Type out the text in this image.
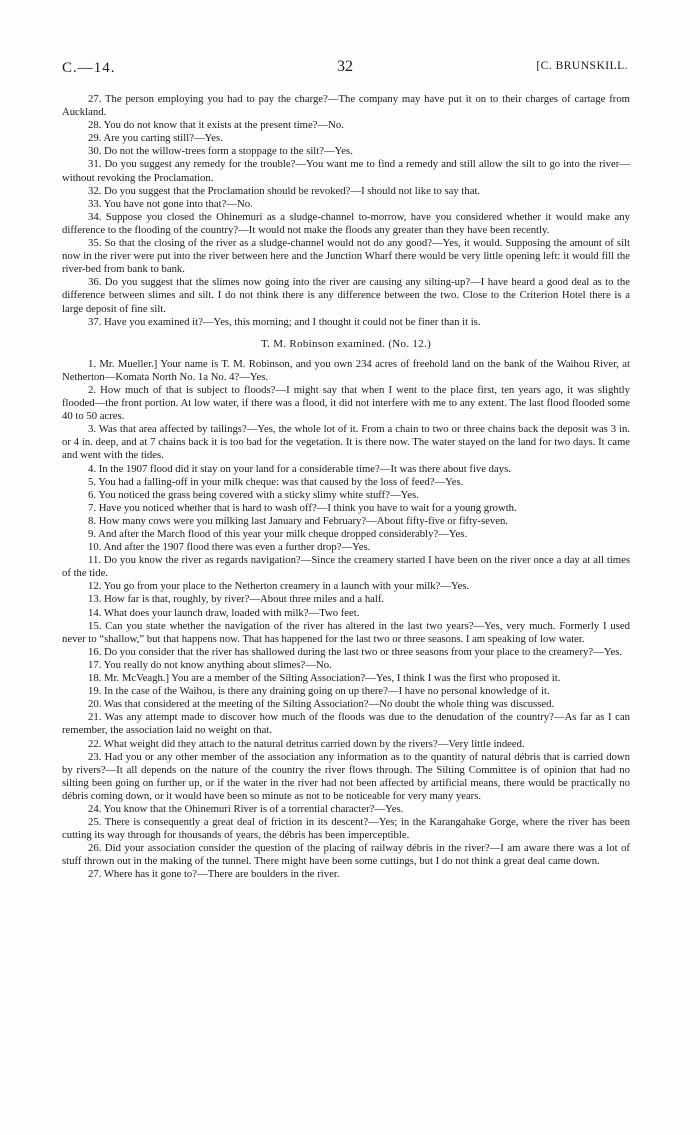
C.—14.	32	[C. BRUNSKILL.

27. The person employing you had to pay the charge?—The company may have put it on to their charges of cartage from Auckland.

28. You do not know that it exists at the present time?—No.

29. Are you carting still?—Yes.

30. Do not the willow-trees form a stoppage to the silt?—Yes.

31. Do you suggest any remedy for the trouble?—You want me to find a remedy and still allow the silt to go into the river—without revoking the Proclamation.

32. Do you suggest that the Proclamation should be revoked?—I should not like to say that.

33. You have not gone into that?—No.

34. Suppose you closed the Ohinemuri as a sludge-channel to-morrow, have you considered whether it would make any difference to the flooding of the country?—It would not make the floods any greater than they have been recently.

35. So that the closing of the river as a sludge-channel would not do any good?—Yes, it would. Supposing the amount of silt now in the river were put into the river between here and the Junction Wharf there would be very little opening left: it would fill the river-bed from bank to bank.

36. Do you suggest that the slimes now going into the river are causing any silting-up?—I have heard a good deal as to the difference between slimes and silt. I do not think there is any difference between the two. Close to the Criterion Hotel there is a large deposit of fine silt.

37. Have you examined it?—Yes, this morning; and I thought it could not be finer than it is.

T. M. Robinson examined. (No. 12.)

1. Mr. Mueller.] Your name is T. M. Robinson, and you own 234 acres of freehold land on the bank of the Waihou River, at Netherton—Komata North No. 1a No. 4?—Yes.

2. How much of that is subject to floods?—I might say that when I went to the place first, ten years ago, it was slightly flooded—the front portion. At low water, if there was a flood, it did not interfere with me to any extent. The last flood flooded some 40 to 50 acres.

3. Was that area affected by tailings?—Yes, the whole lot of it. From a chain to two or three chains back the deposit was 3 in. or 4 in. deep, and at 7 chains back it is too bad for the vegetation. It is there now. The water stayed on the land for two days. It came and went with the tides.

4. In the 1907 flood did it stay on your land for a considerable time?—It was there about five days.

5. You had a falling-off in your milk cheque: was that caused by the loss of feed?—Yes.

6. You noticed the grass being covered with a sticky slimy white stuff?—Yes.

7. Have you noticed whether that is hard to wash off?—I think you have to wait for a young growth.

8. How many cows were you milking last January and February?—About fifty-five or fifty-seven.

9. And after the March flood of this year your milk cheque dropped considerably?—Yes.

10. And after the 1907 flood there was even a further drop?—Yes.

11. Do you know the river as regards navigation?—Since the creamery started I have been on the river once a day at all times of the tide.

12. You go from your place to the Netherton creamery in a launch with your milk?—Yes.

13. How far is that, roughly, by river?—About three miles and a half.

14. What does your launch draw, loaded with milk?—Two feet.

15. Can you state whether the navigation of the river has altered in the last two years?—Yes, very much. Formerly I used never to “shallow,” but that happens now. That has happened for the last two or three seasons. I am speaking of low water.

16. Do you consider that the river has shallowed during the last two or three seasons from your place to the creamery?—Yes.

17. You really do not know anything about slimes?—No.

18. Mr. McVeagh.] You are a member of the Silting Association?—Yes, I think I was the first who proposed it.

19. In the case of the Waihou, is there any draining going on up there?—I have no personal knowledge of it.

20. Was that considered at the meeting of the Silting Association?—No doubt the whole thing was discussed.

21. Was any attempt made to discover how much of the floods was due to the denudation of the country?—As far as I can remember, the association laid no weight on that.

22. What weight did they attach to the natural detritus carried down by the rivers?—Very little indeed.

23. Had you or any other member of the association any information as to the quantity of natural débris that is carried down by rivers?—It all depends on the nature of the country the river flows through. The Silting Committee is of opinion that had no silting been going on further up, or if the water in the river had not been affected by artificial means, there would be practically no débris coming down, or it would have been so minute as not to be noticeable for very many years.

24. You know that the Ohinemuri River is of a torrential character?—Yes.

25. There is consequently a great deal of friction in its descent?—Yes; in the Karangahake Gorge, where the river has been cutting its way through for thousands of years, the débris has been imperceptible.

26. Did your association consider the question of the placing of railway débris in the river?—I am aware there was a lot of stuff thrown out in the making of the tunnel. There might have been some cuttings, but I do not think a great deal came down.

27. Where has it gone to?—There are boulders in the river.
